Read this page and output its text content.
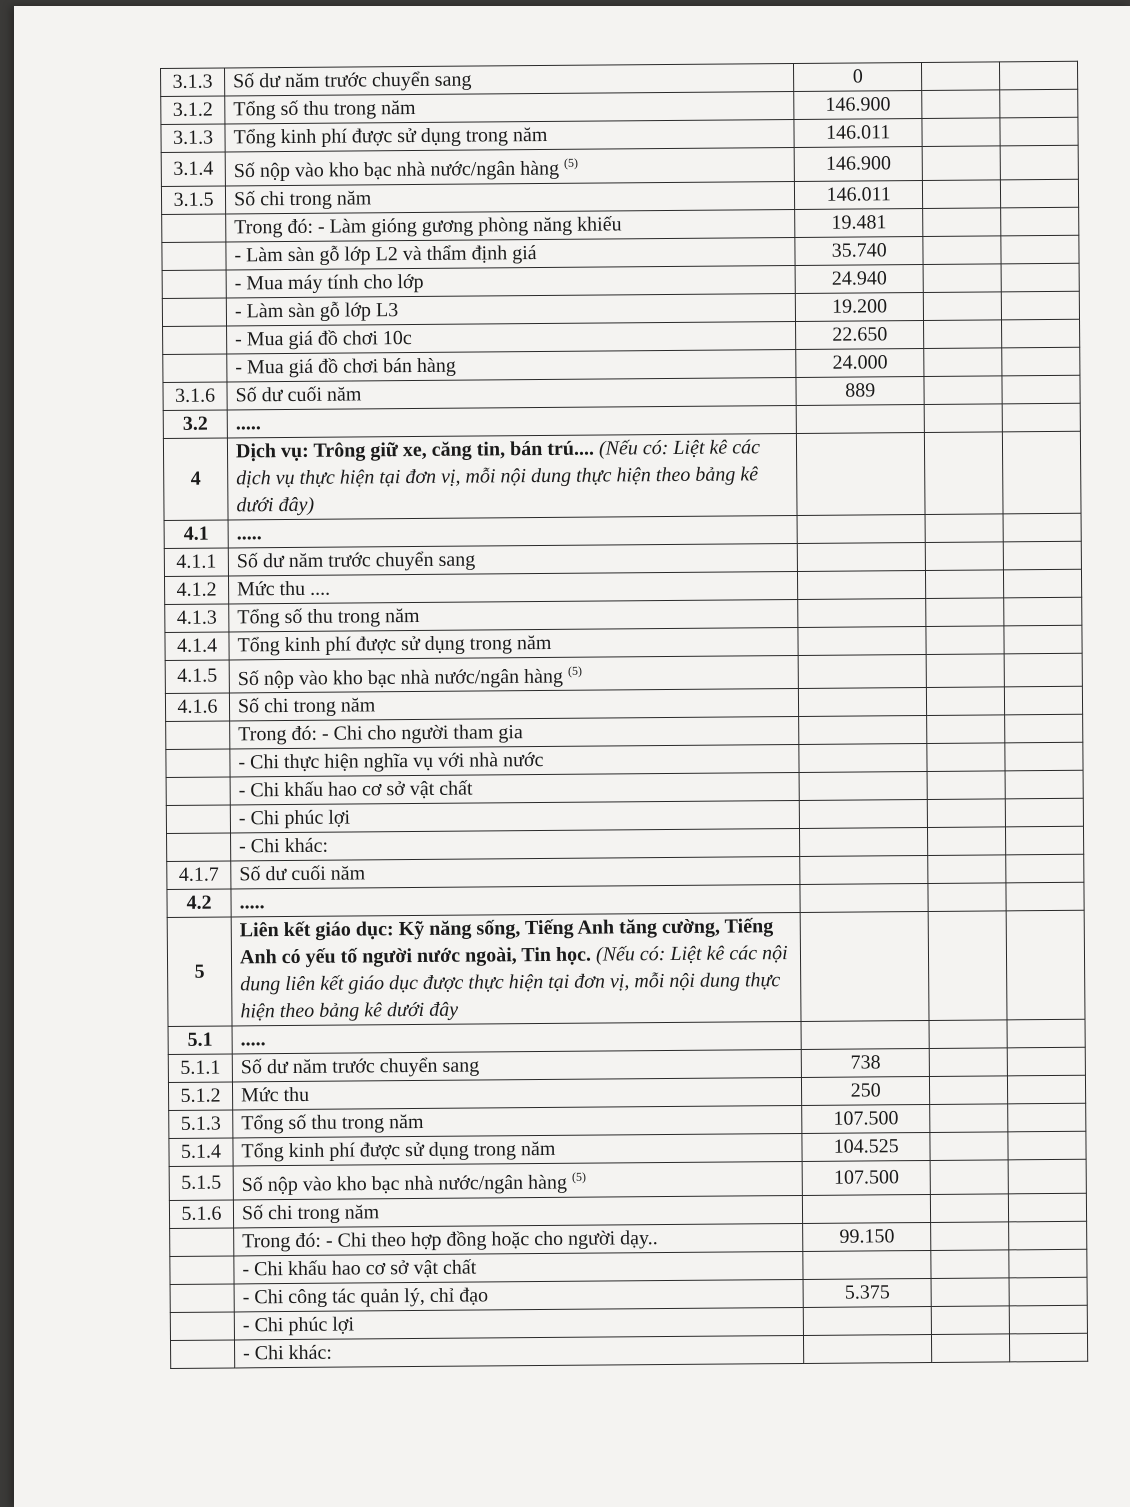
3.1.3	Số dư năm trước chuyển sang	0		
3.1.2	Tổng số thu trong năm	146.900		
3.1.3	Tổng kinh phí được sử dụng trong năm	146.011		
3.1.4	Số nộp vào kho bạc nhà nước/ngân hàng $^{(5)}$	146.900		
3.1.5	Số chi trong năm	146.011		
	Trong đó: - Làm gióng gương phòng năng khiếu	19.481		
	- Làm sàn gỗ lớp L2 và thẩm định giá	35.740		
	- Mua máy tính cho lớp	24.940		
	- Làm sàn gỗ lớp L3	19.200		
	- Mua giá đồ chơi 10c	22.650		
	- Mua giá đồ chơi bán hàng	24.000		
3.1.6	Số dư cuối năm	889		
3.2	.....			
4	Dịch vụ: Trông giữ xe, căng tin, bán trú.... (Nếu có: Liệt kê các dịch vụ thực hiện tại đơn vị, mỗi nội dung thực hiện theo bảng kê dưới đây)			
4.1	.....			
4.1.1	Số dư năm trước chuyển sang			
4.1.2	Mức thu ....			
4.1.3	Tổng số thu trong năm			
4.1.4	Tổng kinh phí được sử dụng trong năm			
4.1.5	Số nộp vào kho bạc nhà nước/ngân hàng $^{(5)}$			
4.1.6	Số chi trong năm			
	Trong đó: - Chi cho người tham gia			
	- Chi thực hiện nghĩa vụ với nhà nước			
	- Chi khấu hao cơ sở vật chất			
	- Chi phúc lợi			
	- Chi khác:			
4.1.7	Số dư cuối năm			
4.2	.....			
5	Liên kết giáo dục: Kỹ năng sống, Tiếng Anh tăng cường, Tiếng Anh có yếu tố người nước ngoài, Tin học. (Nếu có: Liệt kê các nội dung liên kết giáo dục được thực hiện tại đơn vị, mỗi nội dung thực hiện theo bảng kê dưới đây			
5.1	.....			
5.1.1	Số dư năm trước chuyển sang	738		
5.1.2	Mức thu	250		
5.1.3	Tổng số thu trong năm	107.500		
5.1.4	Tổng kinh phí được sử dụng trong năm	104.525		
5.1.5	Số nộp vào kho bạc nhà nước/ngân hàng $^{(5)}$	107.500		
5.1.6	Số chi trong năm			
	Trong đó: - Chi theo hợp đồng hoặc cho người dạy..	99.150		
	- Chi khấu hao cơ sở vật chất			
	- Chi công tác quản lý, chỉ đạo	5.375		
	- Chi phúc lợi			
	- Chi khác:			
